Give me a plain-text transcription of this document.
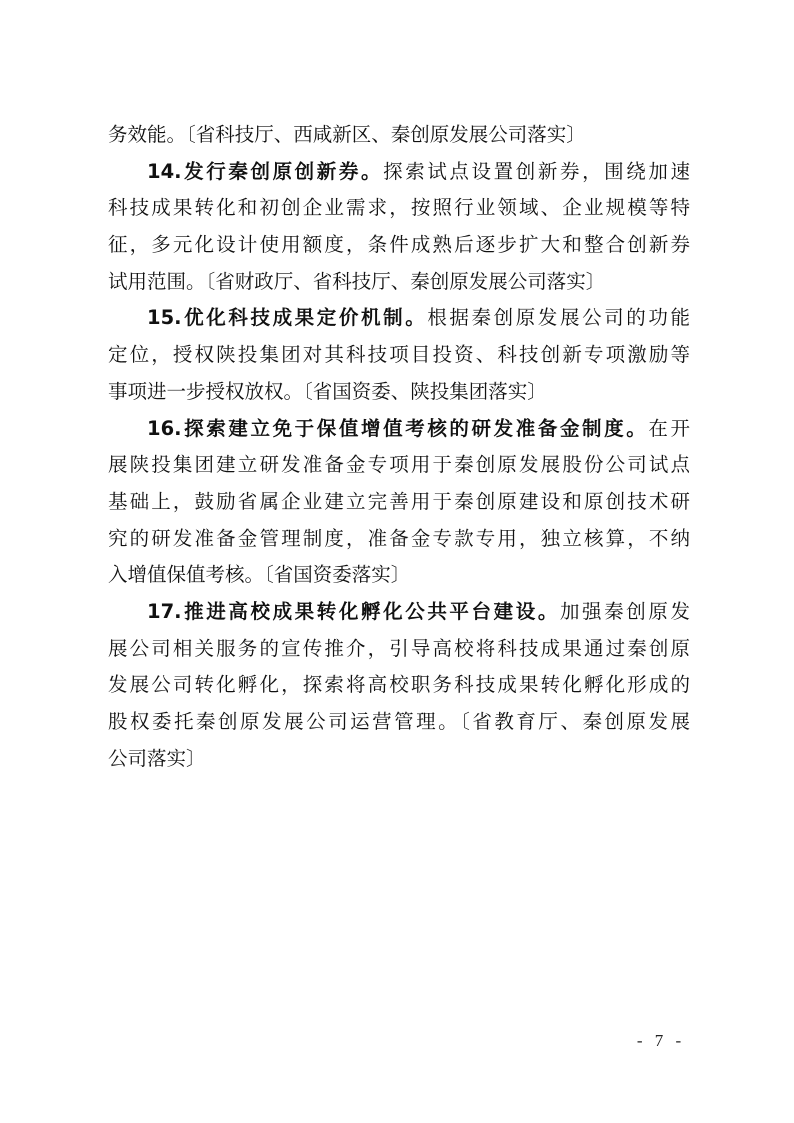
务效能。〔省科技厅、西咸新区、秦创原发展公司落实〕
14.发行秦创原创新券。探索试点设置创新券，围绕加速
科技成果转化和初创企业需求，按照行业领域、企业规模等特
征，多元化设计使用额度，条件成熟后逐步扩大和整合创新券
试用范围。〔省财政厅、省科技厅、秦创原发展公司落实〕
15.优化科技成果定价机制。根据秦创原发展公司的功能
定位，授权陕投集团对其科技项目投资、科技创新专项激励等
事项进一步授权放权。〔省国资委、陕投集团落实〕
16.探索建立免于保值增值考核的研发准备金制度。在开
展陕投集团建立研发准备金专项用于秦创原发展股份公司试点
基础上，鼓励省属企业建立完善用于秦创原建设和原创技术研
究的研发准备金管理制度，准备金专款专用，独立核算，不纳
入增值保值考核。〔省国资委落实〕
17.推进高校成果转化孵化公共平台建设。加强秦创原发
展公司相关服务的宣传推介，引导高校将科技成果通过秦创原
发展公司转化孵化，探索将高校职务科技成果转化孵化形成的
股权委托秦创原发展公司运营管理。〔省教育厅、秦创原发展
公司落实〕
- 7 -
